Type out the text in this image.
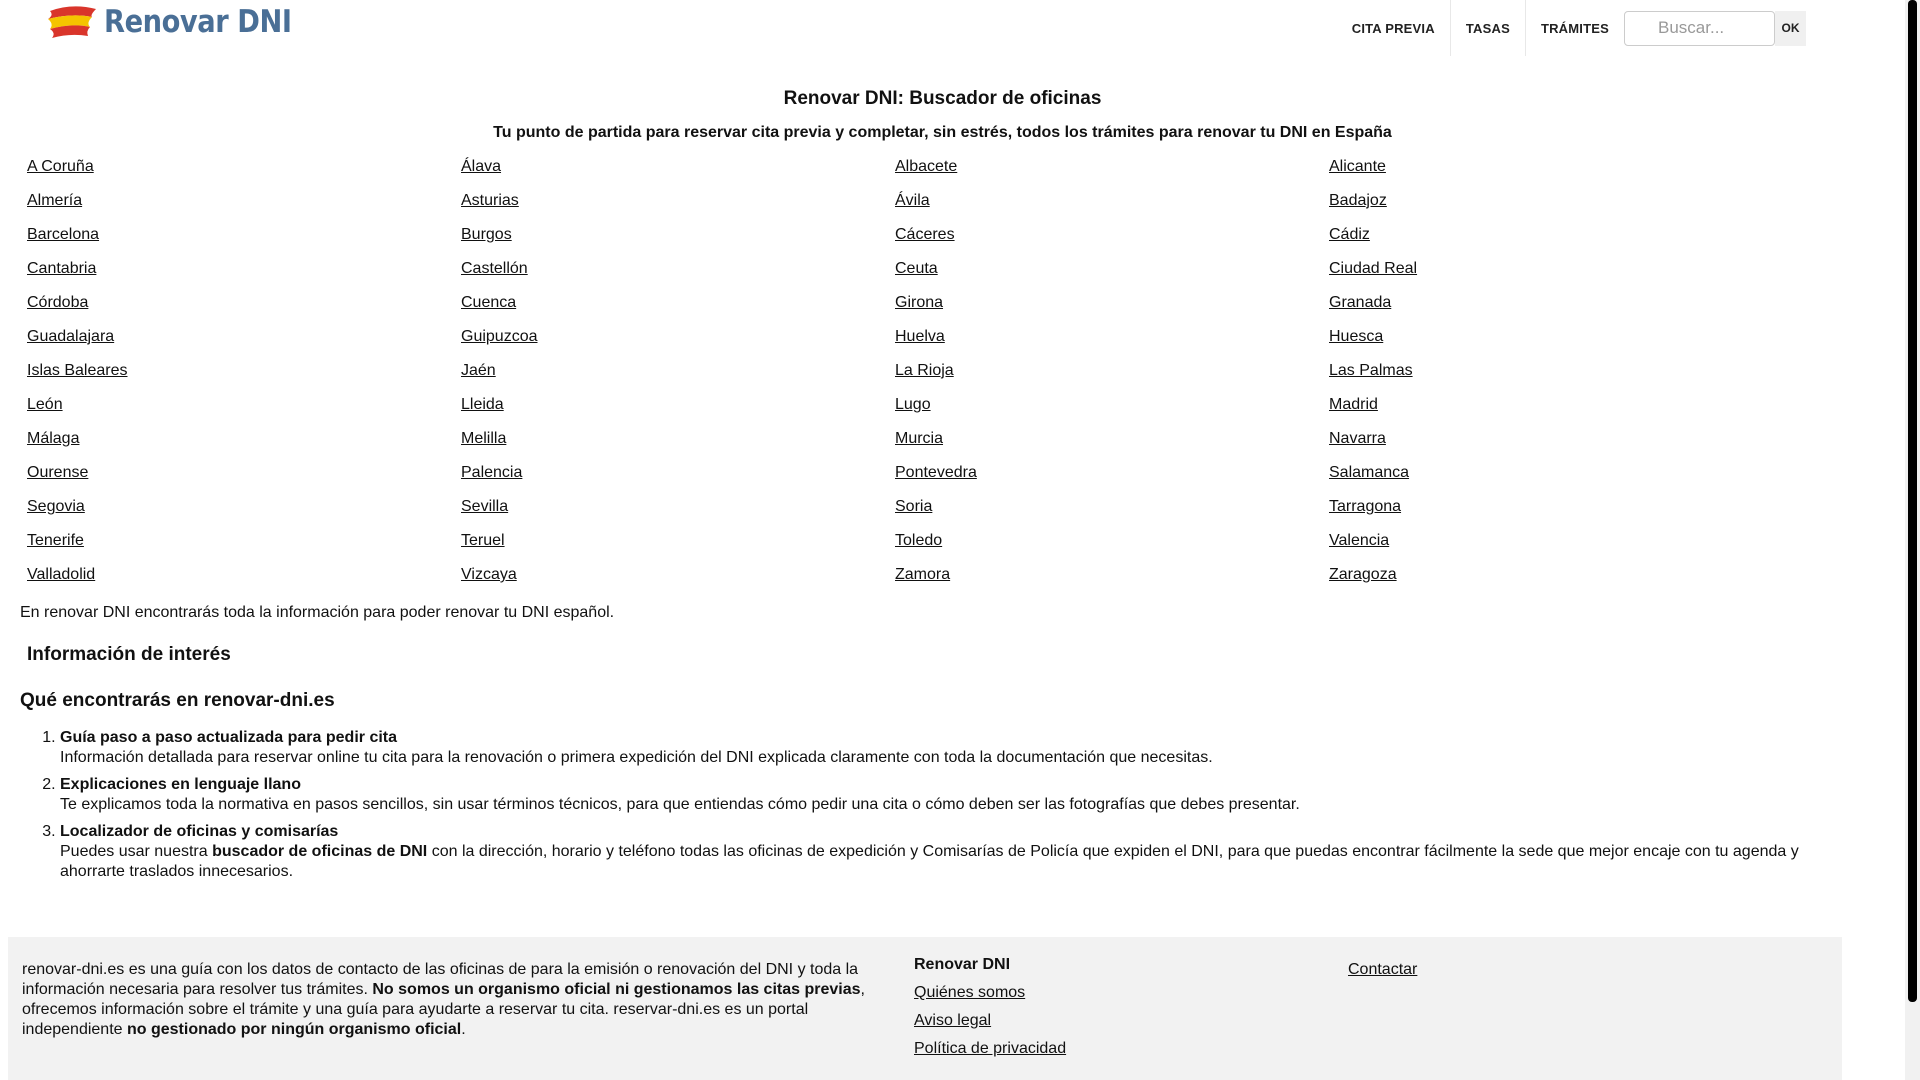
Renovar DNI	CITA PREVIA	TASAS	TRÁMITES
Buscar...	OK
Renovar DNI: Buscador de oficinas

Tu punto de partida para reservar cita previa y completar, sin estrés, todos los trámites para renovar tu DNI en España

A Coruña	Álava	Albacete	Alicante
Almería	Asturias	Ávila	Badajoz
Barcelona	Burgos	Cáceres	Cádiz
Cantabria	Castellón	Ceuta	Ciudad Real
Córdoba	Cuenca	Girona	Granada
Guadalajara	Guipuzcoa	Huelva	Huesca
Islas Baleares	Jaén	La Rioja	Las Palmas
León	Lleida	Lugo	Madrid
Málaga	Melilla	Murcia	Navarra
Ourense	Palencia	Pontevedra	Salamanca
Segovia	Sevilla	Soria	Tarragona
Tenerife	Teruel	Toledo	Valencia
Valladolid	Vizcaya	Zamora	Zaragoza

En renovar DNI encontrarás toda la información para poder renovar tu DNI español.

Información de interés
Qué encontrarás en renovar-dni.es
1. Guía paso a paso actualizada para pedir cita
Información detallada para reservar online tu cita para la renovación o primera expedición del DNI explicada claramente con toda la documentación que necesitas.
2. Explicaciones en lenguaje llano
Te explicamos toda la normativa en pasos sencillos, sin usar términos técnicos, para que entiendas cómo pedir una cita o cómo deben ser las fotografías que debes presentar.
3. Localizador de oficinas y comisarías
Puedes usar nuestra buscador de oficinas de DNI con la dirección, horario y teléfono todas las oficinas de expedición y Comisarías de Policía que expiden el DNI, para que puedas encontrar fácilmente la sede que mejor encaje con tu agenda y ahorrarte traslados innecesarios.
renovar-dni.es es una guía con los datos de contacto de las oficinas de para la emisión o renovación del DNI y toda la información necesaria para resolver tus trámites. No somos un organismo oficial ni gestionamos las citas previas, ofrecemos información sobre el trámite y una guía para ayudarte a reservar tu cita. reservar-dni.es es un portal independiente no gestionado por ningún organismo oficial.
Renovar DNI
Quiénes somos
Aviso legal
Política de privacidad
Contactar
